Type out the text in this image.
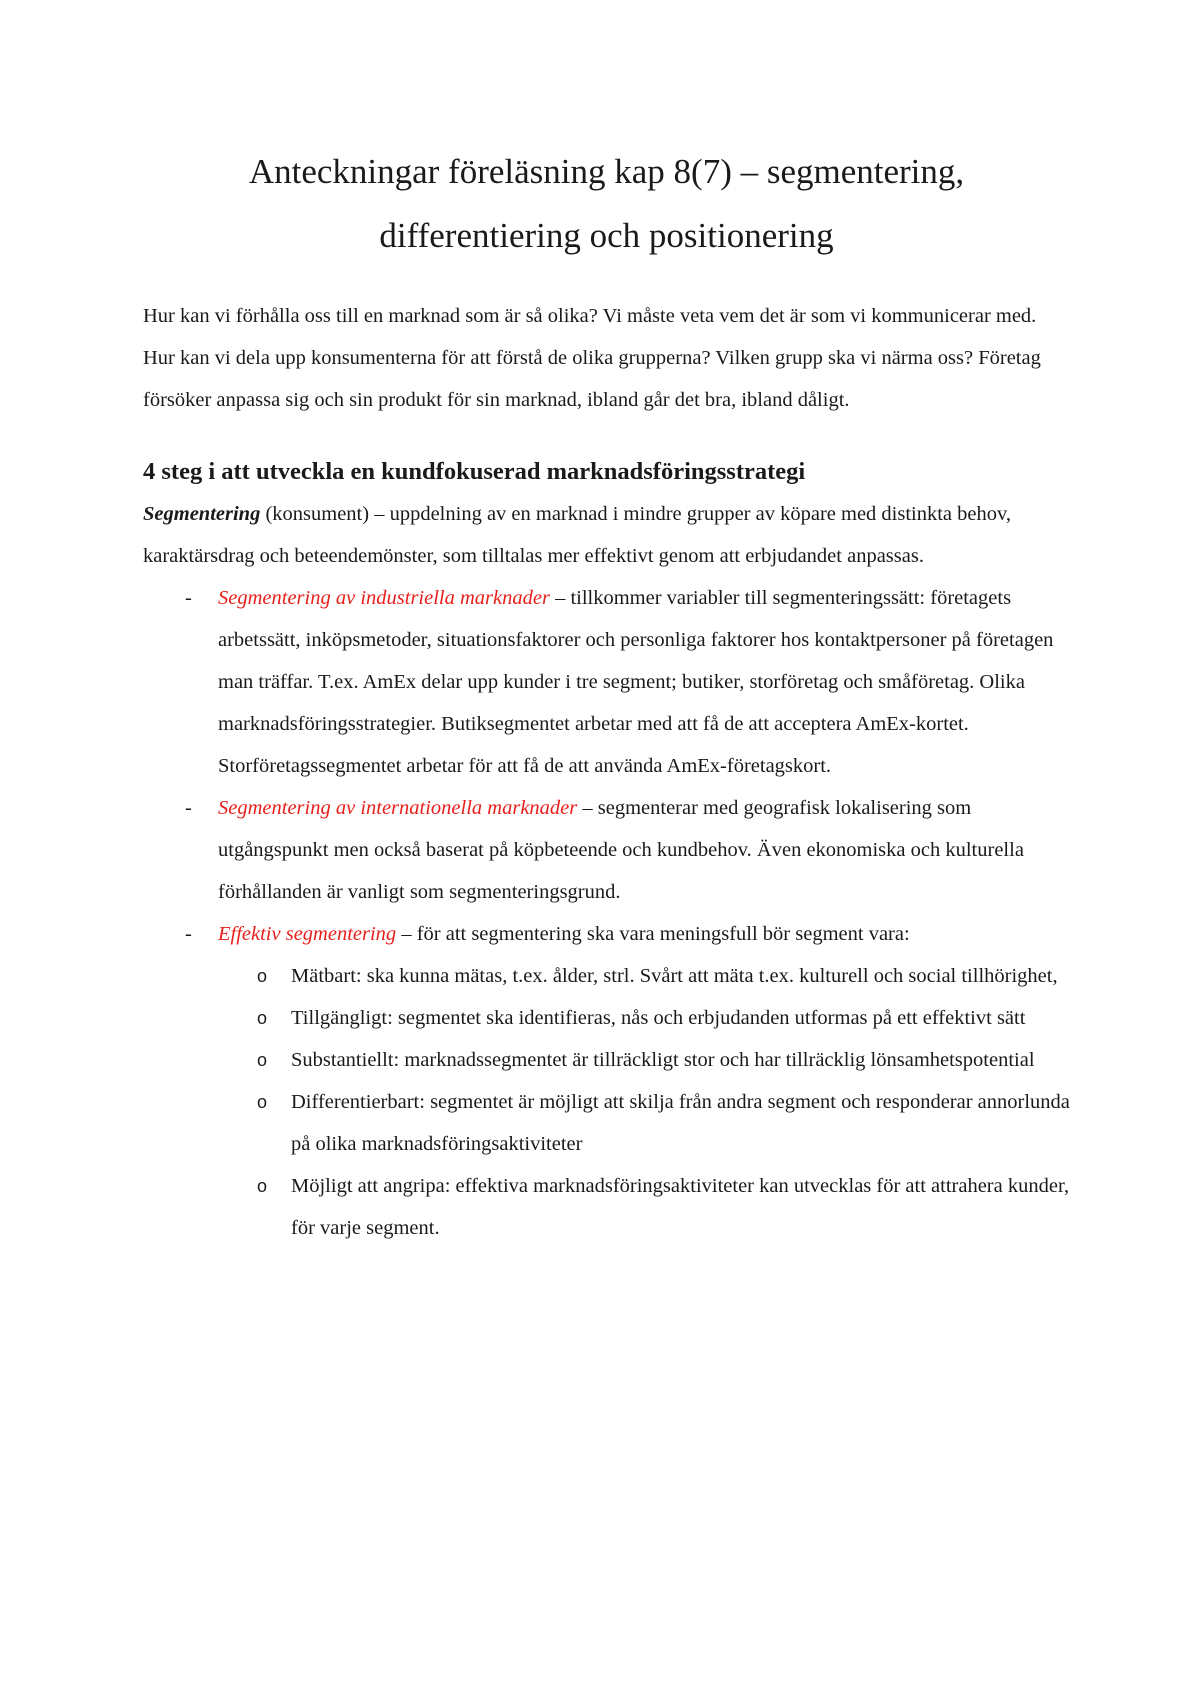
Anteckningar föreläsning kap 8(7) – segmentering,
differentiering och positionering

Hur kan vi förhålla oss till en marknad som är så olika? Vi måste veta vem det är som vi kommunicerar med. Hur kan vi dela upp konsumenterna för att förstå de olika grupperna? Vilken grupp ska vi närma oss? Företag försöker anpassa sig och sin produkt för sin marknad, ibland går det bra, ibland dåligt.

4 steg i att utveckla en kundfokuserad marknadsföringsstrategi

Segmentering (konsument) – uppdelning av en marknad i mindre grupper av köpare med distinkta behov, karaktärsdrag och beteendemönster, som tilltalas mer effektivt genom att erbjudandet anpassas.

- Segmentering av industriella marknader – tillkommer variabler till segmenteringssätt: företagets arbetssätt, inköpsmetoder, situationsfaktorer och personliga faktorer hos kontaktpersoner på företagen man träffar. T.ex. AmEx delar upp kunder i tre segment; butiker, storföretag och småföretag. Olika marknadsföringsstrategier. Butiksegmentet arbetar med att få de att acceptera AmEx-kortet. Storföretagssegmentet arbetar för att få de att använda AmEx-företagskort.
- Segmentering av internationella marknader – segmenterar med geografisk lokalisering som utgångspunkt men också baserat på köpbeteende och kundbehov. Även ekonomiska och kulturella förhållanden är vanligt som segmenteringsgrund.
- Effektiv segmentering – för att segmentering ska vara meningsfull bör segment vara:
o Mätbart: ska kunna mätas, t.ex. ålder, strl. Svårt att mäta t.ex. kulturell och social tillhörighet,
o Tillgängligt: segmentet ska identifieras, nås och erbjudanden utformas på ett effektivt sätt
o Substantiellt: marknadssegmentet är tillräckligt stor och har tillräcklig lönsamhetspotential
o Differentierbart: segmentet är möjligt att skilja från andra segment och responderar annorlunda på olika marknadsföringsaktiviteter
o Möjligt att angripa: effektiva marknadsföringsaktiviteter kan utvecklas för att attrahera kunder, för varje segment.
